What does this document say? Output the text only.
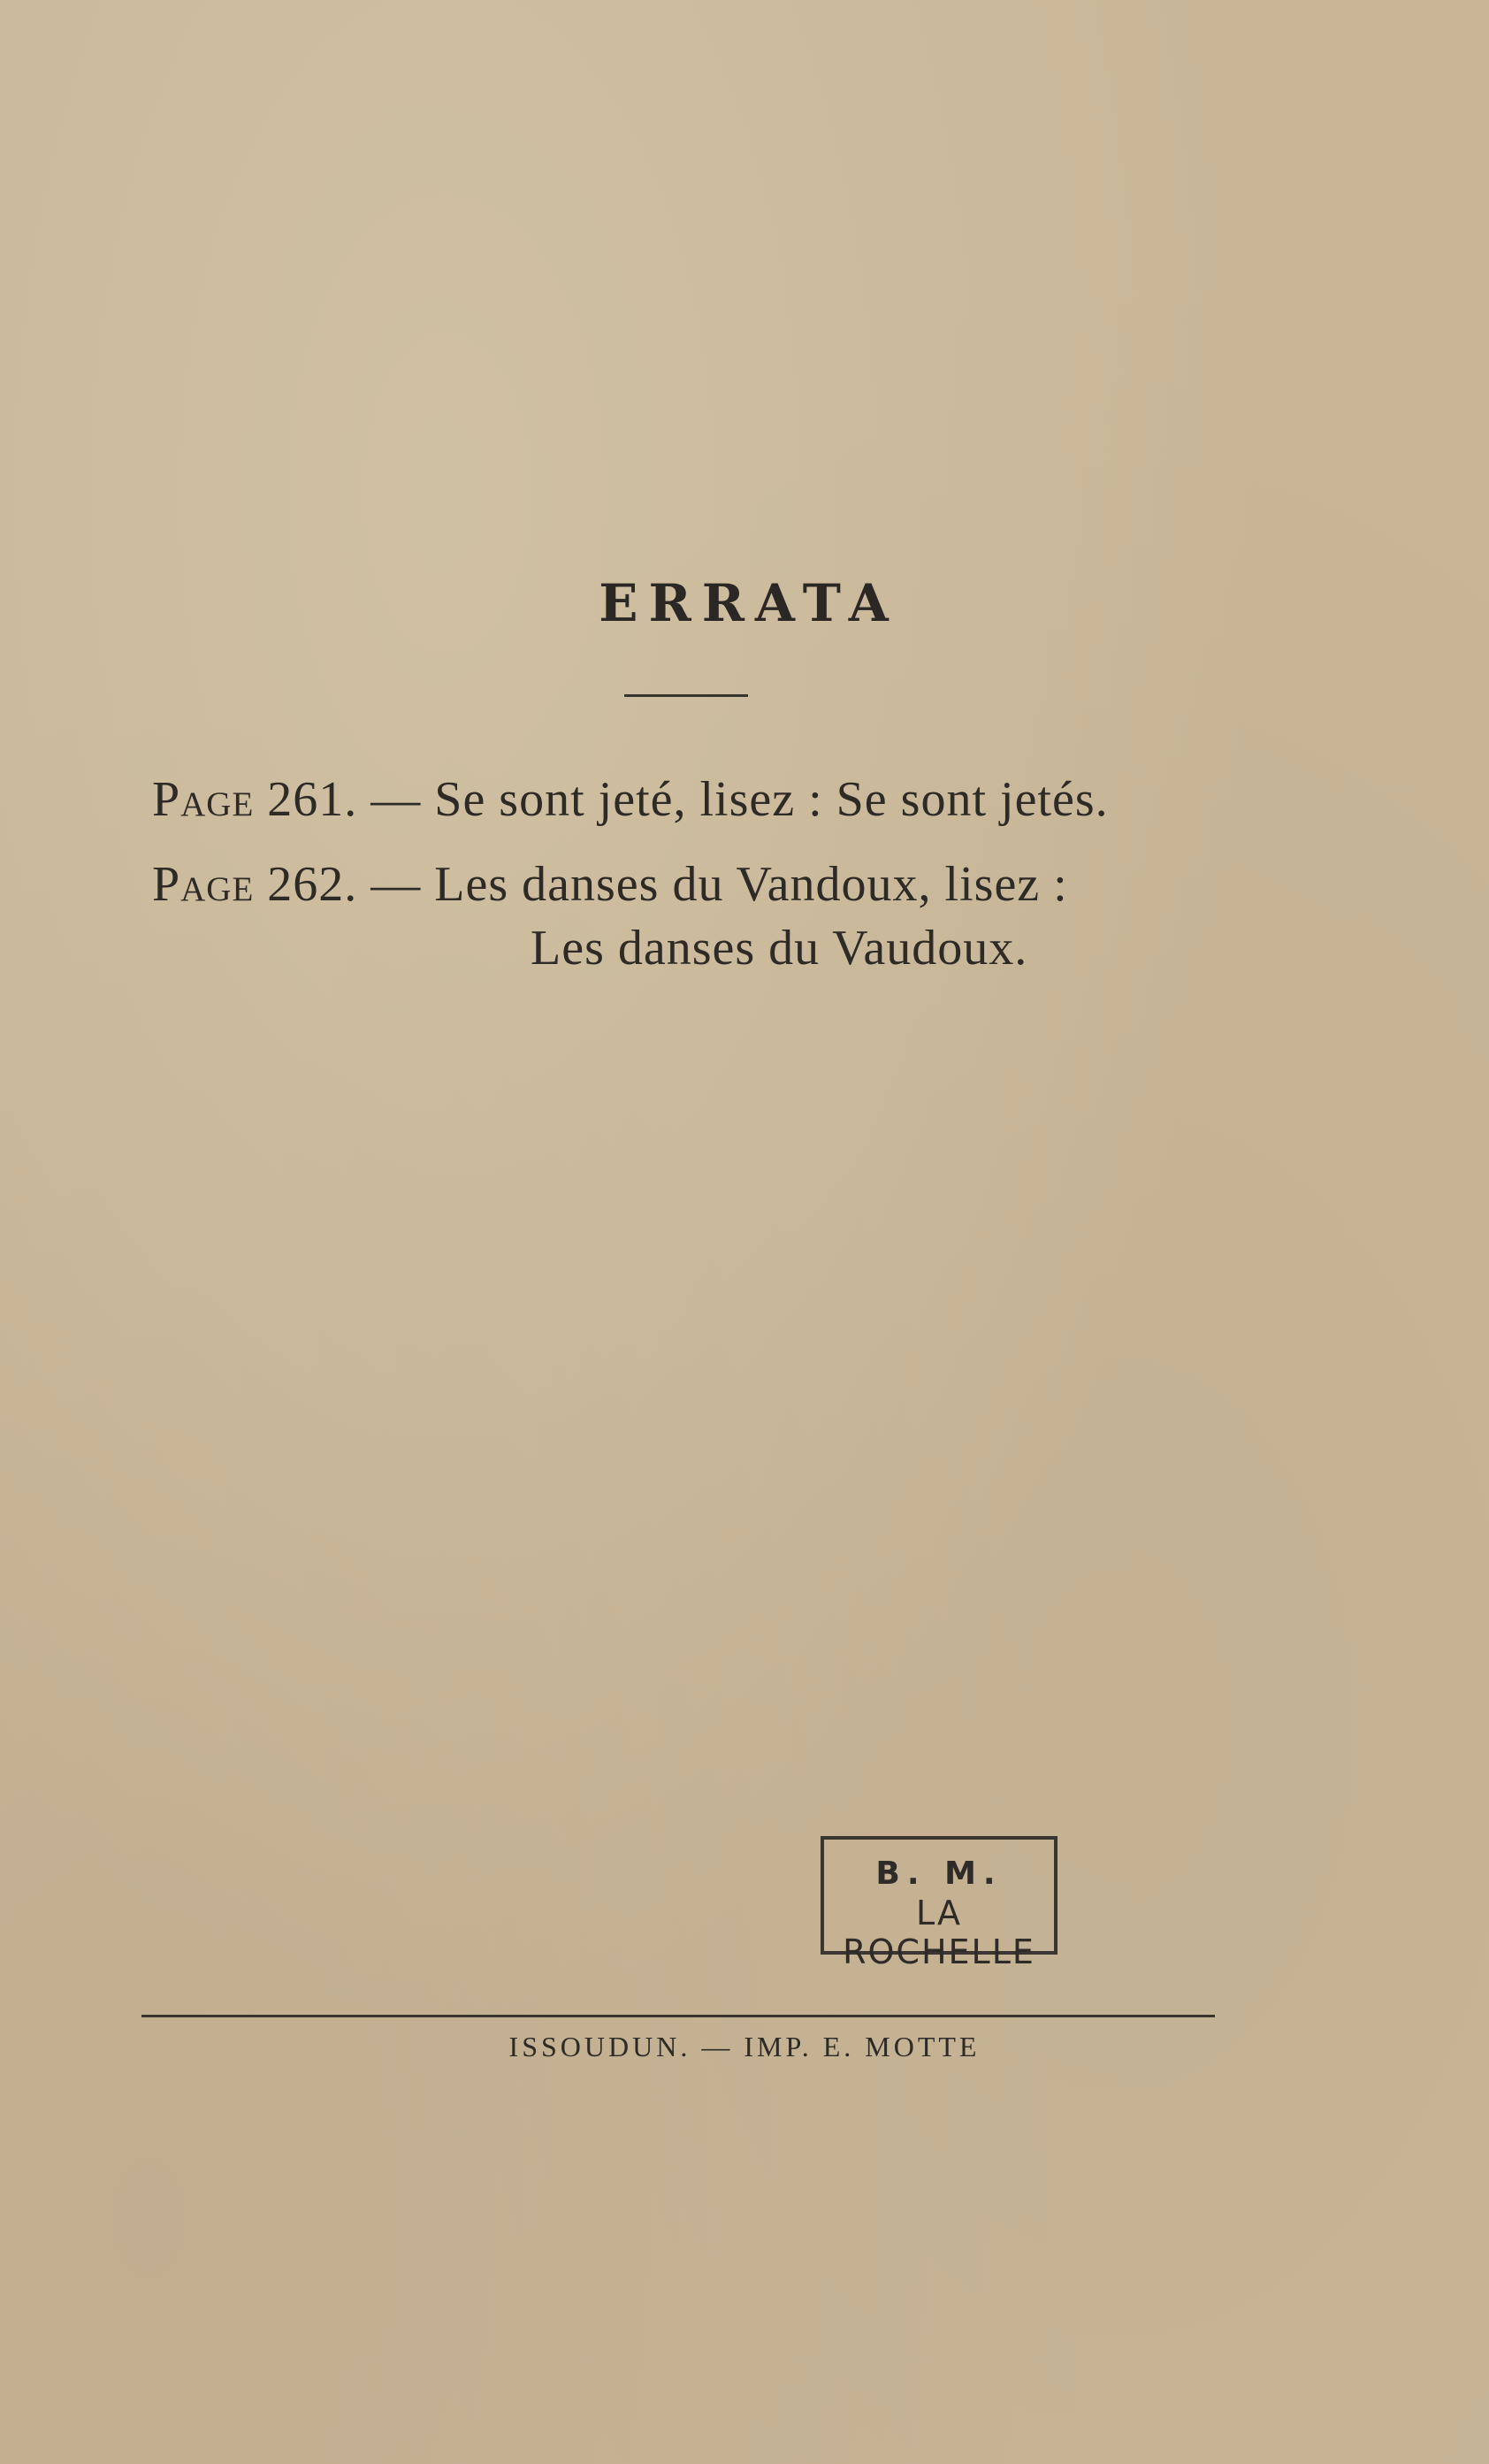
ERRATA
Page 261. — Se sont jeté, lisez : Se sont jetés.
Page 262. — Les danses du Vandoux, lisez :
Les danses du Vaudoux.
B. M.
LA ROCHELLE
ISSOUDUN. — IMP. E. MOTTE
